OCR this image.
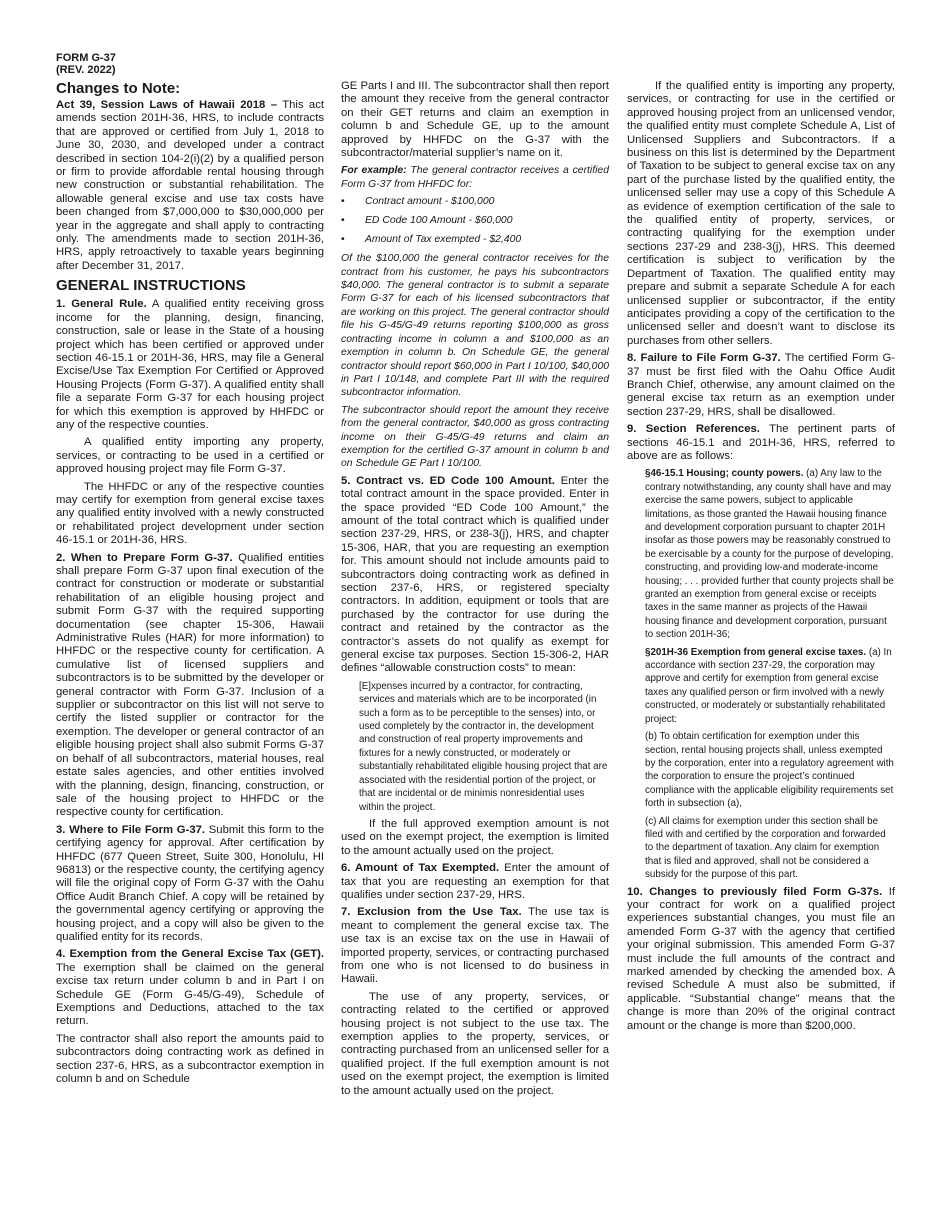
FORM G-37
(REV. 2022)
Changes to Note:

Act 39, Session Laws of Hawaii 2018 – This act amends section 201H-36, HRS, to include contracts that are approved or certified from July 1, 2018 to June 30, 2030, and developed under a contract described in section 104-2(i)(2) by a qualified person or firm to provide affordable rental housing through new construction or substantial rehabilitation. The allowable general excise and use tax costs have been changed from $7,000,000 to $30,000,000 per year in the aggregate and shall apply to contracting only. The amendments made to section 201H-36, HRS, apply retroactively to taxable years beginning after December 31, 2017.

GENERAL INSTRUCTIONS

1. General Rule. A qualified entity receiving gross income for the planning, design, financing, construction, sale or lease in the State of a housing project which has been certified or approved under section 46-15.1 or 201H-36, HRS, may file a General Excise/Use Tax Exemption For Certified or Approved Housing Projects (Form G-37). A qualified entity shall file a separate Form G-37 for each housing project for which this exemption is approved by HHFDC or any of the respective counties.

A qualified entity importing any property, services, or contracting to be used in a certified or approved housing project may file Form G-37.

The HHFDC or any of the respective counties may certify for exemption from general excise taxes any qualified entity involved with a newly constructed or rehabilitated project development under section 46-15.1 or 201H-36, HRS.

2. When to Prepare Form G-37. Qualified entities shall prepare Form G-37 upon final execution of the contract for construction or moderate or substantial rehabilitation of an eligible housing project and submit Form G-37 with the required supporting documentation (see chapter 15-306, Hawaii Administrative Rules (HAR) for more information) to HHFDC or the respective county for certification. A cumulative list of licensed suppliers and subcontractors is to be submitted by the developer or general contractor with Form G-37. Inclusion of a supplier or subcontractor on this list will not serve to certify the listed supplier or contractor for the exemption. The developer or general contractor of an eligible housing project shall also submit Forms G-37 on behalf of all subcontractors, material houses, real estate sales agencies, and other entities involved with the planning, design, financing, construction, or sale of the housing project to HHFDC or the respective county for certification.

3. Where to File Form G-37. Submit this form to the certifying agency for approval. After certification by HHFDC (677 Queen Street, Suite 300, Honolulu, HI 96813) or the respective county, the certifying agency will file the original copy of Form G-37 with the Oahu Office Audit Branch Chief. A copy will be retained by the governmental agency certifying or approving the housing project, and a copy will also be given to the qualified entity for its records.

4. Exemption from the General Excise Tax (GET). The exemption shall be claimed on the general excise tax return under column b and in Part I on Schedule GE (Form G-45/G-49), Schedule of Exemptions and Deductions, attached to the tax return.

The contractor shall also report the amounts paid to subcontractors doing contracting work as defined in section 237-6, HRS, as a subcontractor exemption in column b and on Schedule

GE Parts I and III. The subcontractor shall then report the amount they receive from the general contractor on their GET returns and claim an exemption in column b and Schedule GE, up to the amount approved by HHFDC on the G-37 with the subcontractor/material supplier’s name on it.

For example: The general contractor receives a certified Form G-37 from HHFDC for:

• Contract amount - $100,000
• ED Code 100 Amount - $60,000
• Amount of Tax exempted - $2,400

Of the $100,000 the general contractor receives for the contract from his customer, he pays his subcontractors $40,000. The general contractor is to submit a separate Form G-37 for each of his licensed subcontractors that are working on this project. The general contractor should file his G-45/G-49 returns reporting $100,000 as gross contracting income in column a and $100,000 as an exemption in column b. On Schedule GE, the general contractor should report $60,000 in Part I 10/100, $40,000 in Part I 10/148, and complete Part III with the required subcontractor information.

The subcontractor should report the amount they receive from the general contractor, $40,000 as gross contracting income on their G-45/G-49 returns and claim an exemption for the certified G-37 amount in column b and on Schedule GE Part I 10/100.

5. Contract vs. ED Code 100 Amount. Enter the total contract amount in the space provided. Enter in the space provided “ED Code 100 Amount,” the amount of the total contract which is qualified under section 237-29, HRS, or 238-3(j), HRS, and chapter 15-306, HAR, that you are requesting an exemption for. This amount should not include amounts paid to subcontractors doing contracting work as defined in section 237-6, HRS, or registered specialty contractors. In addition, equipment or tools that are purchased by the contractor for use during the contract and retained by the contractor as the contractor’s assets do not qualify as exempt for general excise tax purposes. Section 15-306-2, HAR defines “allowable construction costs” to mean:

[E]xpenses incurred by a contractor, for contracting, services and materials which are to be incorporated (in such a form as to be perceptible to the senses) into, or used completely by the contractor in, the development and construction of real property improvements and fixtures for a newly constructed, or moderately or substantially rehabilitated eligible housing project that are associated with the residential portion of the project, or that are incidental or de minimis nonresidential uses within the project.

If the full approved exemption amount is not used on the exempt project, the exemption is limited to the amount actually used on the project.

6. Amount of Tax Exempted. Enter the amount of tax that you are requesting an exemption for that qualifies under section 237-29, HRS.

7. Exclusion from the Use Tax. The use tax is meant to complement the general excise tax. The use tax is an excise tax on the use in Hawaii of imported property, services, or contracting purchased from one who is not licensed to do business in Hawaii.

The use of any property, services, or contracting related to the certified or approved housing project is not subject to the use tax. The exemption applies to the property, services, or contracting purchased from an unlicensed seller for a qualified project. If the full exemption amount is not used on the exempt project, the exemption is limited to the amount actually used on the project.

If the qualified entity is importing any property, services, or contracting for use in the certified or approved housing project from an unlicensed vendor, the qualified entity must complete Schedule A, List of Unlicensed Suppliers and Subcontractors. If a business on this list is determined by the Department of Taxation to be subject to general excise tax on any part of the purchase listed by the qualified entity, the unlicensed seller may use a copy of this Schedule A as evidence of exemption certification of the sale to the qualified entity of property, services, or contracting qualifying for the exemption under sections 237-29 and 238-3(j), HRS. This deemed certification is subject to verification by the Department of Taxation. The qualified entity may prepare and submit a separate Schedule A for each unlicensed supplier or subcontractor, if the entity anticipates providing a copy of the certification to the unlicensed seller and doesn’t want to disclose its purchases from other sellers.

8. Failure to File Form G-37. The certified Form G-37 must be first filed with the Oahu Office Audit Branch Chief, otherwise, any amount claimed on the general excise tax return as an exemption under section 237-29, HRS, shall be disallowed.

9. Section References. The pertinent parts of sections 46-15.1 and 201H-36, HRS, referred to above are as follows:

§46-15.1 Housing; county powers. (a) Any law to the contrary notwithstanding, any county shall have and may exercise the same powers, subject to applicable limitations, as those granted the Hawaii housing finance and development corporation pursuant to chapter 201H insofar as those powers may be reasonably construed to be exercisable by a county for the purpose of developing, constructing, and providing low-and moderate-income housing; . . . provided further that county projects shall be granted an exemption from general excise or receipts taxes in the same manner as projects of the Hawaii housing finance and development corporation, pursuant to section 201H-36;

§201H-36 Exemption from general excise taxes. (a) In accordance with section 237-29, the corporation may approve and certify for exemption from general excise taxes any qualified person or firm involved with a newly constructed, or moderately or substantially rehabilitated project:

(b) To obtain certification for exemption under this section, rental housing projects shall, unless exempted by the corporation, enter into a regulatory agreement with the corporation to ensure the project’s continued compliance with the applicable eligibility requirements set forth in subsection (a),

(c) All claims for exemption under this section shall be filed with and certified by the corporation and forwarded to the department of taxation. Any claim for exemption that is filed and approved, shall not be considered a subsidy for the purpose of this part.

10. Changes to previously filed Form G-37s. If your contract for work on a qualified project experiences substantial changes, you must file an amended Form G-37 with the agency that certified your original submission. This amended Form G-37 must include the full amounts of the contract and marked amended by checking the amended box. A revised Schedule A must also be submitted, if applicable. “Substantial change” means that the change is more than 20% of the original contract amount or the change is more than $200,000.
